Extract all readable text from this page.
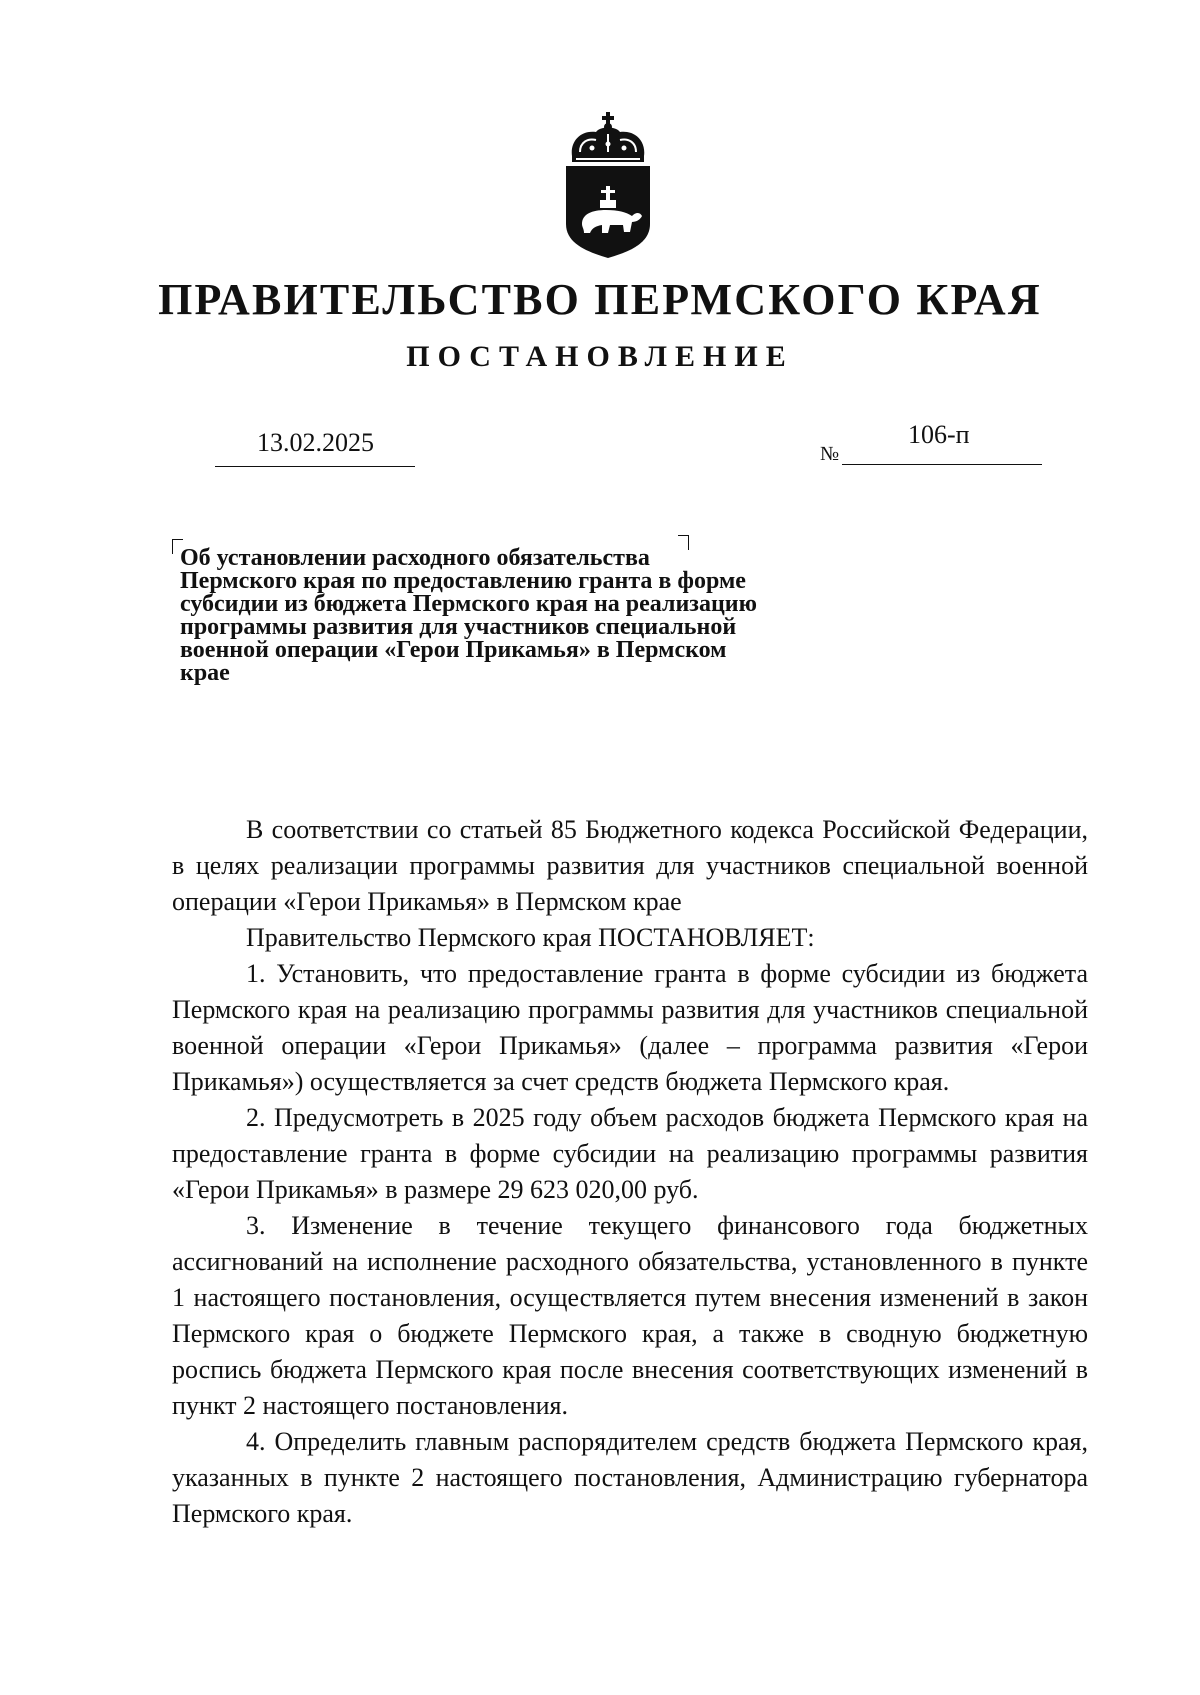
ПРАВИТЕЛЬСТВО ПЕРМСКОГО КРАЯ
ПОСТАНОВЛЕНИЕ
13.02.2025	№
106-п
Об установлении расходного обязательства Пермского края по предоставлению гранта в форме субсидии из бюджета Пермского края на реализацию программы развития для участников специальной военной операции «Герои Прикамья» в Пермском крае

В соответствии со статьей 85 Бюджетного кодекса Российской Федерации, в целях реализации программы развития для участников специальной военной операции «Герои Прикамья» в Пермском крае

Правительство Пермского края ПОСТАНОВЛЯЕТ:

1. Установить, что предоставление гранта в форме субсидии из бюджета Пермского края на реализацию программы развития для участников специальной военной операции «Герои Прикамья» (далее – программа развития «Герои Прикамья») осуществляется за счет средств бюджета Пермского края.

2. Предусмотреть в 2025 году объем расходов бюджета Пермского края на предоставление гранта в форме субсидии на реализацию программы развития «Герои Прикамья» в размере 29 623 020,00 руб.

3. Изменение в течение текущего финансового года бюджетных ассигнований на исполнение расходного обязательства, установленного в пункте 1 настоящего постановления, осуществляется путем внесения изменений в закон Пермского края о бюджете Пермского края, а также в сводную бюджетную роспись бюджета Пермского края после внесения соответствующих изменений в пункт 2 настоящего постановления.

4. Определить главным распорядителем средств бюджета Пермского края, указанных в пункте 2 настоящего постановления, Администрацию губернатора Пермского края.
